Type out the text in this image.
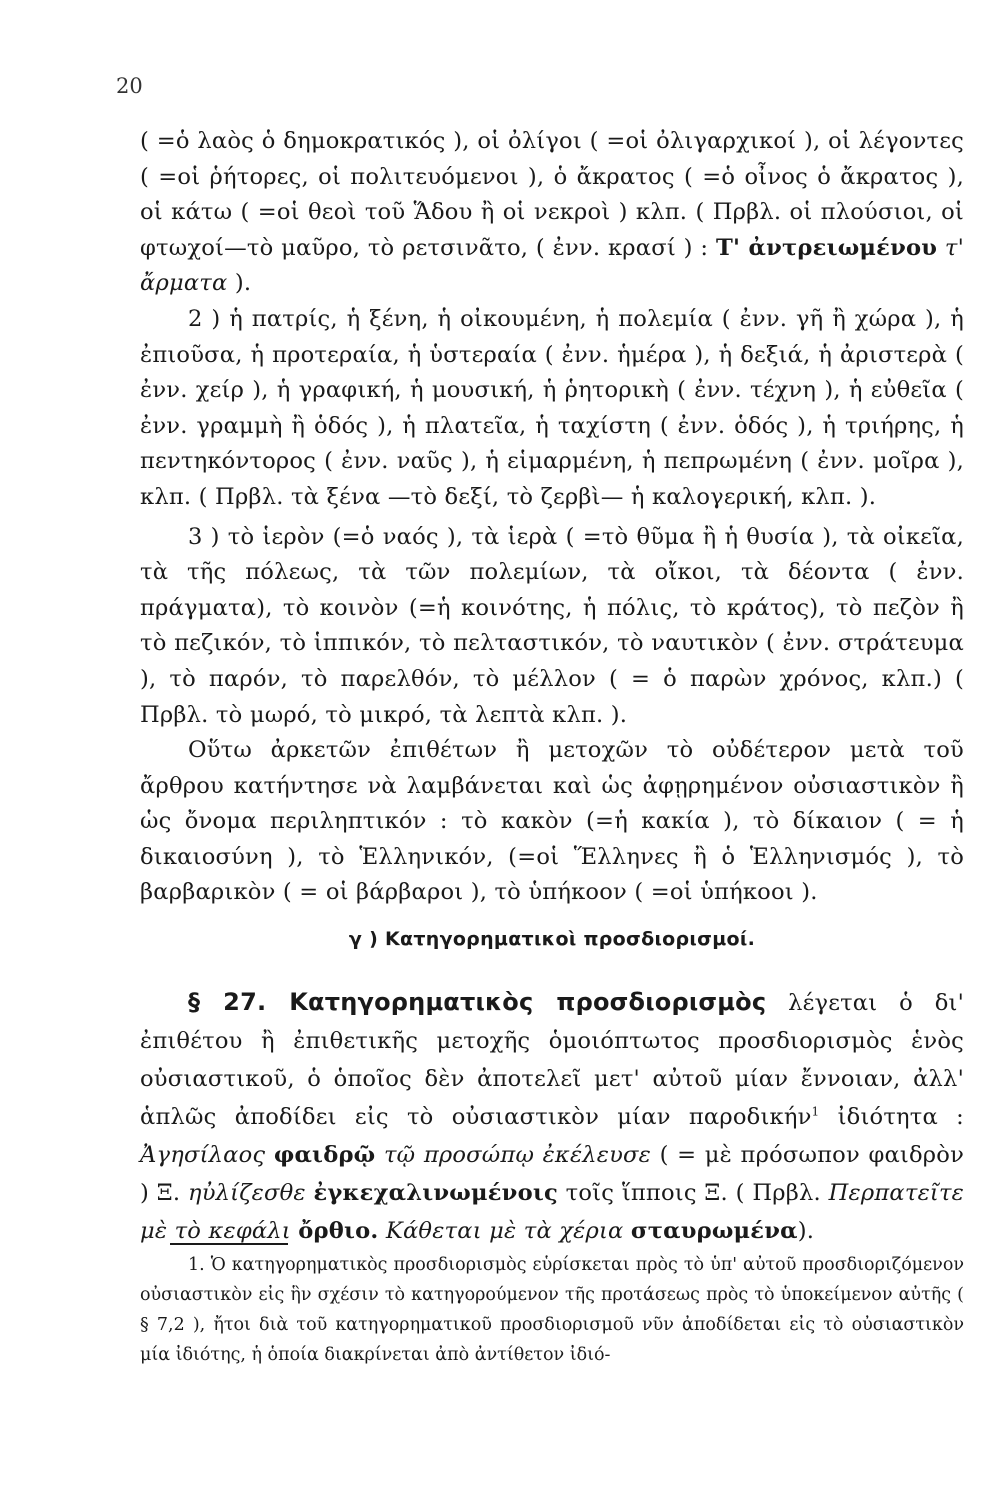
20

( =ὁ λαὸς ὁ δημοκρατικός ), οἱ ὀλίγοι ( =οἱ ὀλιγαρχικοί ), οἱ λέγοντες ( =οἱ ῥήτορες, οἱ πολιτευόμενοι ), ὁ ἄκρατος ( =ὁ οἶνος ὁ ἄκρατος ), οἱ κάτω ( =οἱ θεοὶ τοῦ Ἅδου ἢ οἱ νεκροὶ ) κλπ. ( Πρβλ. οἱ πλούσιοι, οἱ φτωχοί—τὸ μαῦρο, τὸ ρετσινᾶτο, ( ἐνν. κρασί ) : Τ' ἀντρειωμένου τ' ἄρματα ).

2 ) ἡ πατρίς, ἡ ξένη, ἡ οἰκουμένη, ἡ πολεμία ( ἐνν. γῆ ἢ χώρα ), ἡ ἐπιοῦσα, ἡ προτεραία, ἡ ὑστεραία ( ἐνν. ἡμέρα ), ἡ δεξιά, ἡ ἀριστερὰ ( ἐνν. χείρ ), ἡ γραφική, ἡ μουσική, ἡ ῥητορικὴ ( ἐνν. τέχνη ), ἡ εὐθεῖα ( ἐνν. γραμμὴ ἢ ὁδός ), ἡ πλατεῖα, ἡ ταχίστη ( ἐνν. ὁδός ), ἡ τριήρης, ἡ πεντηκόντορος ( ἐνν. ναῦς ), ἡ εἱμαρμένη, ἡ πεπρωμένη ( ἐνν. μοῖρα ), κλπ. ( Πρβλ. τὰ ξένα —τὸ δεξί, τὸ ζερβὶ— ἡ καλογερική, κλπ. ).

3 ) τὸ ἱερὸν (=ὁ ναός ), τὰ ἱερὰ ( =τὸ θῦμα ἢ ἡ θυσία ), τὰ οἰκεῖα, τὰ τῆς πόλεως, τὰ τῶν πολεμίων, τὰ οἴκοι, τὰ δέοντα ( ἐνν. πράγματα), τὸ κοινὸν (=ἡ κοινότης, ἡ πόλις, τὸ κράτος), τὸ πεζὸν ἢ τὸ πεζικόν, τὸ ἱππικόν, τὸ πελταστικόν, τὸ ναυτικὸν ( ἐνν. στράτευμα ), τὸ παρόν, τὸ παρελθόν, τὸ μέλλον ( = ὁ παρὼν χρόνος, κλπ.) ( Πρβλ. τὸ μωρό, τὸ μικρό, τὰ λεπτὰ κλπ. ).

Οὕτω ἀρκετῶν ἐπιθέτων ἢ μετοχῶν τὸ οὐδέτερον μετὰ τοῦ ἄρθρου κατήντησε νὰ λαμβάνεται καὶ ὡς ἀφῃρημένον οὐσιαστικὸν ἢ ὡς ὄνομα περιληπτικόν : τὸ κακὸν (=ἡ κακία ), τὸ δίκαιον ( = ἡ δικαιοσύνη ), τὸ Ἑλληνικόν, (=οἱ Ἕλληνες ἢ ὁ Ἑλληνισμός ), τὸ βαρβαρικὸν ( = οἱ βάρβαροι ), τὸ ὑπήκοον ( =οἱ ὑπήκοοι ).

γ ) Κατηγορηματικοὶ προσδιορισμοί.

§ 27. Κατηγορηματικὸς προσδιορισμὸς λέγεται ὁ δι' ἐπιθέτου ἢ ἐπιθετικῆς μετοχῆς ὁμοιόπτωτος προσδιορισμὸς ἑνὸς οὐσιαστικοῦ, ὁ ὁποῖος δὲν ἀποτελεῖ μετ' αὐτοῦ μίαν ἔννοιαν, ἀλλ' ἁπλῶς ἀποδίδει εἰς τὸ οὐσιαστικὸν μίαν παροδικήν$^1$ ἰδιότητα : Ἀγησίλαος φαιδρῷ τῷ προσώπῳ ἐκέλευσε ( = μὲ πρόσωπον φαιδρὸν ) Ξ. ηὐλίζεσθε ἐγκεχαλινωμένοις τοῖς ἵπποις Ξ. ( Πρβλ. Περπατεῖτε μὲ τὸ κεφάλι ὄρθιο. Κάθεται μὲ τὰ χέρια σταυρωμένα).

1. Ὁ κατηγορηματικὸς προσδιορισμὸς εὑρίσκεται πρὸς τὸ ὑπ' αὐτοῦ προσδιοριζόμενον οὐσιαστικὸν εἰς ἣν σχέσιν τὸ κατηγορούμενον τῆς προτάσεως πρὸς τὸ ὑποκείμενον αὐτῆς ( § 7,2 ), ἤτοι διὰ τοῦ κατηγορηματικοῦ προσδιορισμοῦ νῦν ἀποδίδεται εἰς τὸ οὐσιαστικὸν μία ἰδιότης, ἡ ὁποία διακρίνεται ἀπὸ ἀντίθετον ἰδιό-
